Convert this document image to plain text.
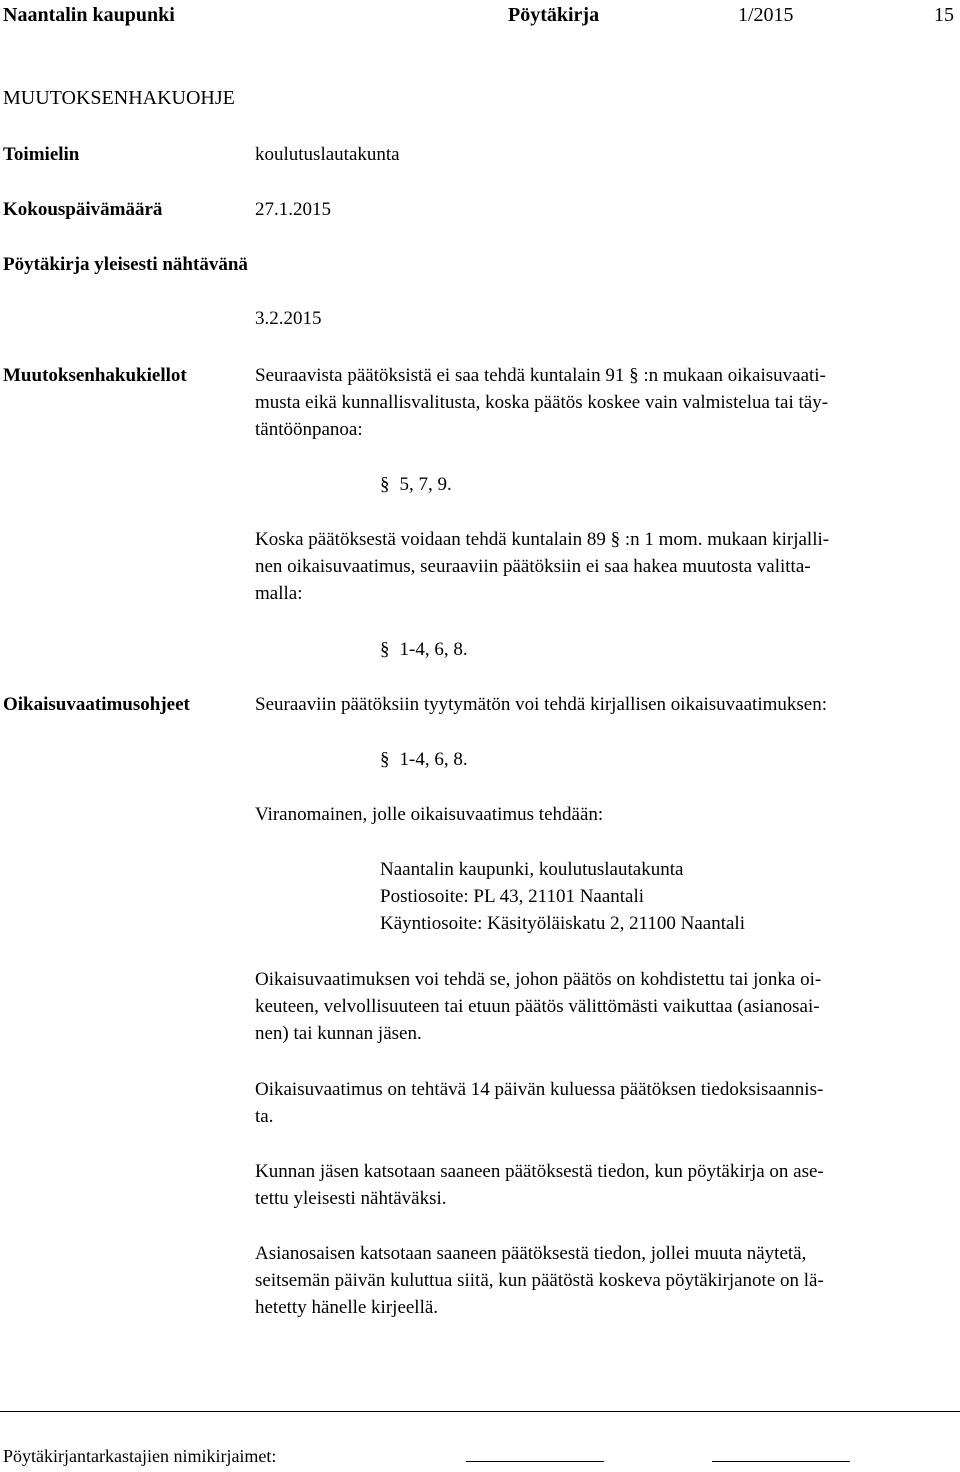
Naantalin kaupunki	Pöytäkirja	1/2015	15
MUUTOKSENHAKUOHJE
Toimielin	koulutuslautakunta
Kokouspäivämäärä	27.1.2015
Pöytäkirja yleisesti nähtävänä
3.2.2015
Muutoksenhakukiellot	Seuraavista päätöksistä ei saa tehdä kuntalain 91 § :n mukaan oikaisuvaati-
musta eikä kunnallisvalitusta, koska päätös koskee vain valmistelua tai täy-
täntöönpanoa:
§ 5, 7, 9.
Koska päätöksestä voidaan tehdä kuntalain 89 § :n 1 mom. mukaan kirjalli-
nen oikaisuvaatimus, seuraaviin päätöksiin ei saa hakea muutosta valitta-
malla:
§ 1-4, 6, 8.
Oikaisuvaatimusohjeet	Seuraaviin päätöksiin tyytymätön voi tehdä kirjallisen oikaisuvaatimuksen:
§ 1-4, 6, 8.
Viranomainen, jolle oikaisuvaatimus tehdään:
Naantalin kaupunki, koulutuslautakunta
Postiosoite: PL 43, 21101 Naantali
Käyntiosoite: Käsityöläiskatu 2, 21100 Naantali
Oikaisuvaatimuksen voi tehdä se, johon päätös on kohdistettu tai jonka oi-
keuteen, velvollisuuteen tai etuun päätös välittömästi vaikuttaa (asianosai-
nen) tai kunnan jäsen.
Oikaisuvaatimus on tehtävä 14 päivän kuluessa päätöksen tiedoksisaannis-
ta.
Kunnan jäsen katsotaan saaneen päätöksestä tiedon, kun pöytäkirja on ase-
tettu yleisesti nähtäväksi.
Asianosaisen katsotaan saaneen päätöksestä tiedon, jollei muuta näytetä,
seitsemän päivän kuluttua siitä, kun päätöstä koskeva pöytäkirjanote on lä-
hetetty hänelle kirjeellä.
Pöytäkirjantarkastajien nimikirjaimet:
